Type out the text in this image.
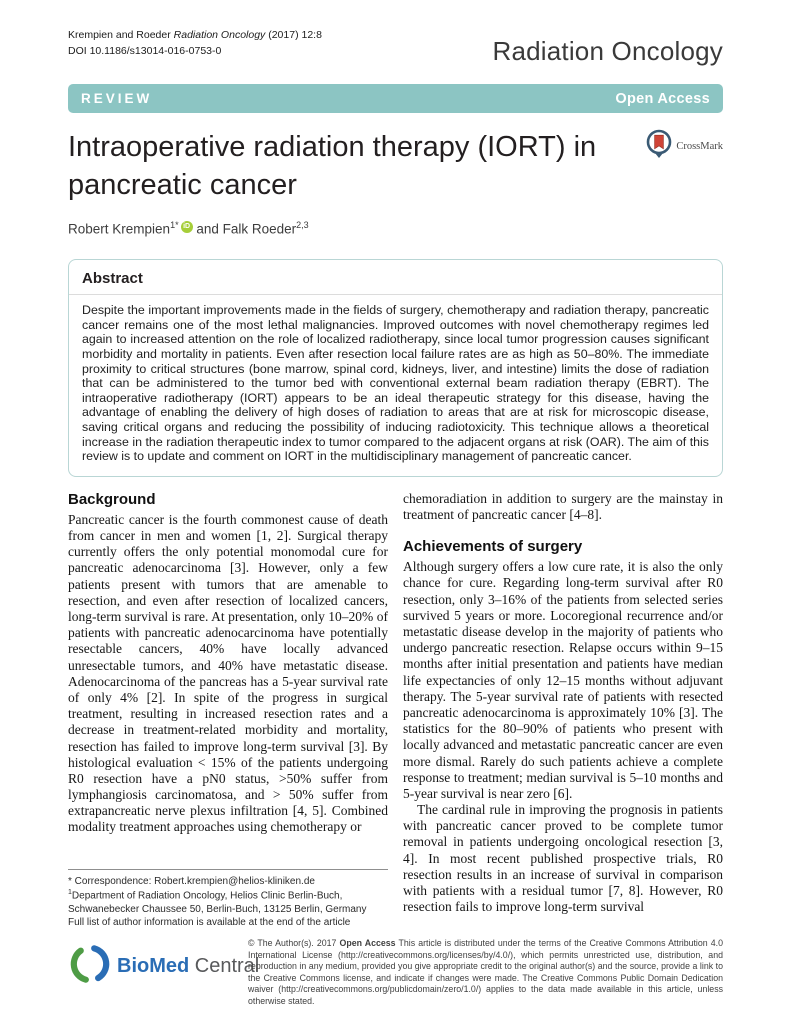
Krempien and Roeder Radiation Oncology (2017) 12:8
DOI 10.1186/s13014-016-0753-0	Radiation Oncology
REVIEW	Open Access
Intraoperative radiation therapy (IORT) in pancreatic cancer
CrossMark
Robert Krempien$^{1*}$ iD and Falk Roeder$^{2,3}$
Abstract

Despite the important improvements made in the fields of surgery, chemotherapy and radiation therapy, pancreatic cancer remains one of the most lethal malignancies. Improved outcomes with novel chemotherapy regimes led again to increased attention on the role of localized radiotherapy, since local tumor progression causes significant morbidity and mortality in patients. Even after resection local failure rates are as high as 50–80%. The immediate proximity to critical structures (bone marrow, spinal cord, kidneys, liver, and intestine) limits the dose of radiation that can be administered to the tumor bed with conventional external beam radiation therapy (EBRT). The intraoperative radiotherapy (IORT) appears to be an ideal therapeutic strategy for this disease, having the advantage of enabling the delivery of high doses of radiation to areas that are at risk for microscopic disease, saving critical organs and reducing the possibility of inducing radiotoxicity. This technique allows a theoretical increase in the radiation therapeutic index to tumor compared to the adjacent organs at risk (OAR). The aim of this review is to update and comment on IORT in the multidisciplinary management of pancreatic cancer.

Background

Pancreatic cancer is the fourth commonest cause of death from cancer in men and women [1, 2]. Surgical therapy currently offers the only potential monomodal cure for pancreatic adenocarcinoma [3]. However, only a few patients present with tumors that are amenable to resection, and even after resection of localized cancers, long-term survival is rare. At presentation, only 10–20% of patients with pancreatic adenocarcinoma have potentially resectable cancers, 40% have locally advanced unresectable tumors, and 40% have metastatic disease. Adenocarcinoma of the pancreas has a 5-year survival rate of only 4% [2]. In spite of the progress in surgical treatment, resulting in increased resection rates and a decrease in treatment-related morbidity and mortality, resection has failed to improve long-term survival [3]. By histological evaluation < 15% of the patients undergoing R0 resection have a pN0 status, >50% suffer from lymphangiosis carcinomatosa, and > 50% suffer from extrapancreatic nerve plexus infiltration [4, 5]. Combined modality treatment approaches using chemotherapy or

* Correspondence: Robert.krempien@helios-kliniken.de
$^1$Department of Radiation Oncology, Helios Clinic Berlin-Buch, Schwanebecker Chaussee 50, Berlin-Buch, 13125 Berlin, Germany
Full list of author information is available at the end of the article

chemoradiation in addition to surgery are the mainstay in treatment of pancreatic cancer [4–8].

Achievements of surgery

Although surgery offers a low cure rate, it is also the only chance for cure. Regarding long-term survival after R0 resection, only 3–16% of the patients from selected series survived 5 years or more. Locoregional recurrence and/or metastatic disease develop in the majority of patients who undergo pancreatic resection. Relapse occurs within 9–15 months after initial presentation and patients have median life expectancies of only 12–15 months without adjuvant therapy. The 5-year survival rate of patients with resected pancreatic adenocarcinoma is approximately 10% [3]. The statistics for the 80–90% of patients who present with locally advanced and metastatic pancreatic cancer are even more dismal. Rarely do such patients achieve a complete response to treatment; median survival is 5–10 months and 5-year survival is near zero [6].

The cardinal rule in improving the prognosis in patients with pancreatic cancer proved to be complete tumor removal in patients undergoing oncological resection [3, 4]. In most recent published prospective trials, R0 resection results in an increase of survival in comparison with patients with a residual tumor [7, 8]. However, R0 resection fails to improve long-term survival

BioMed Central
© The Author(s). 2017 Open Access This article is distributed under the terms of the Creative Commons Attribution 4.0 International License (http://creativecommons.org/licenses/by/4.0/), which permits unrestricted use, distribution, and reproduction in any medium, provided you give appropriate credit to the original author(s) and the source, provide a link to the Creative Commons license, and indicate if changes were made. The Creative Commons Public Domain Dedication waiver (http://creativecommons.org/publicdomain/zero/1.0/) applies to the data made available in this article, unless otherwise stated.
